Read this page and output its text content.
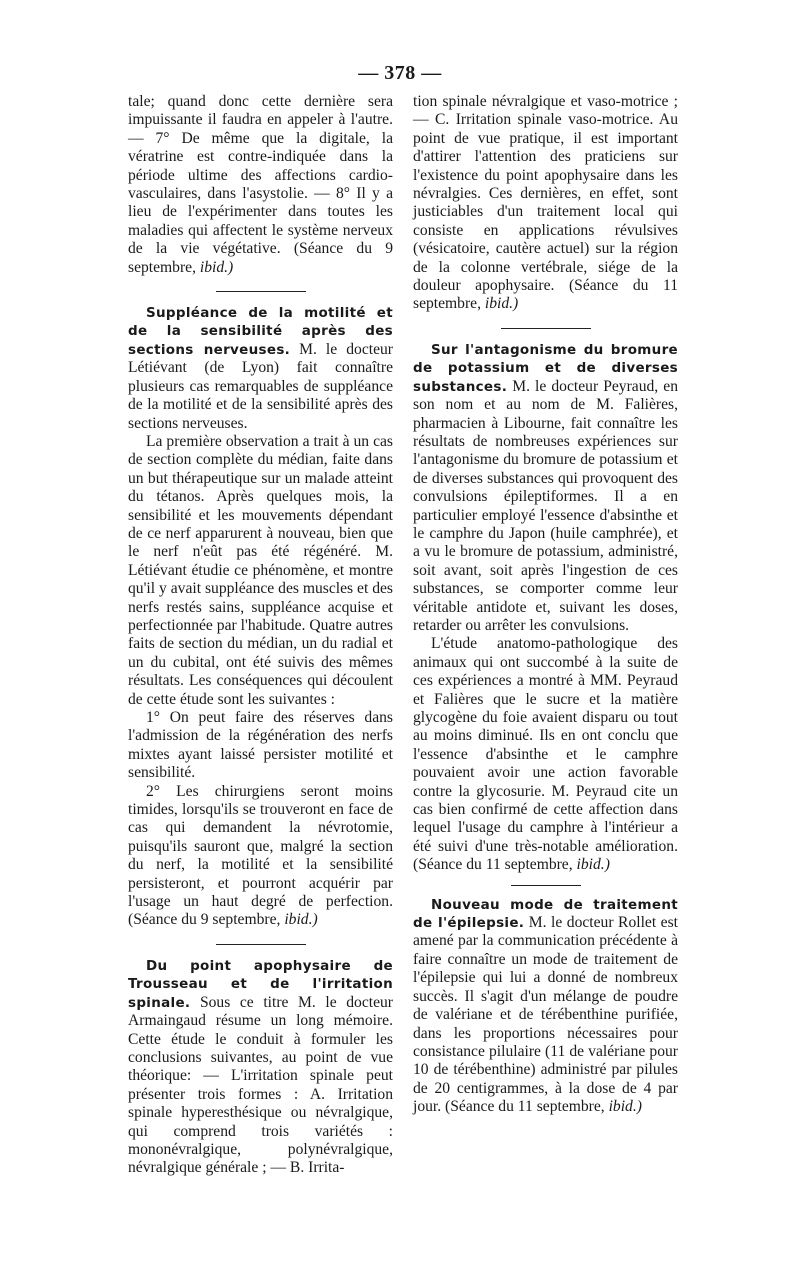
— 378 —

tale; quand donc cette dernière sera impuissante il faudra en appeler à l'autre. — 7° De même que la digitale, la vératrine est contre-indiquée dans la période ultime des affections cardio-vasculaires, dans l'asystolie. — 8° Il y a lieu de l'expérimenter dans toutes les maladies qui affectent le système nerveux de la vie végétative. (Séance du 9 septembre, ibid.)

Suppléance de la motilité et de la sensibilité après des sections nerveuses. M. le docteur Létiévant (de Lyon) fait connaître plusieurs cas remarquables de suppléance de la motilité et de la sensibilité après des sections nerveuses.

La première observation a trait à un cas de section complète du médian, faite dans un but thérapeutique sur un malade atteint du tétanos. Après quelques mois, la sensibilité et les mouvements dépendant de ce nerf apparurent à nouveau, bien que le nerf n'eût pas été régénéré. M. Létiévant étudie ce phénomène, et montre qu'il y avait suppléance des muscles et des nerfs restés sains, suppléance acquise et perfectionnée par l'habitude. Quatre autres faits de section du médian, un du radial et un du cubital, ont été suivis des mêmes résultats. Les conséquences qui découlent de cette étude sont les suivantes :

1° On peut faire des réserves dans l'admission de la régénération des nerfs mixtes ayant laissé persister motilité et sensibilité.

2° Les chirurgiens seront moins timides, lorsqu'ils se trouveront en face de cas qui demandent la névrotomie, puisqu'ils sauront que, malgré la section du nerf, la motilité et la sensibilité persisteront, et pourront acquérir par l'usage un haut degré de perfection. (Séance du 9 septembre, ibid.)

Du point apophysaire de Trousseau et de l'irritation spinale. Sous ce titre M. le docteur Armaingaud résume un long mémoire. Cette étude le conduit à formuler les conclusions suivantes, au point de vue théorique: — L'irritation spinale peut présenter trois formes : A. Irritation spinale hyperesthésique ou névralgique, qui comprend trois variétés : mononévralgique, polynévralgique, névralgique générale ; — B. Irrita-

tion spinale névralgique et vaso-motrice ; — C. Irritation spinale vaso-motrice. Au point de vue pratique, il est important d'attirer l'attention des praticiens sur l'existence du point apophysaire dans les névralgies. Ces dernières, en effet, sont justiciables d'un traitement local qui consiste en applications révulsives (vésicatoire, cautère actuel) sur la région de la colonne vertébrale, siége de la douleur apophysaire. (Séance du 11 septembre, ibid.)

Sur l'antagonisme du bromure de potassium et de diverses substances. M. le docteur Peyraud, en son nom et au nom de M. Falières, pharmacien à Libourne, fait connaître les résultats de nombreuses expériences sur l'antagonisme du bromure de potassium et de diverses substances qui provoquent des convulsions épileptiformes. Il a en particulier employé l'essence d'absinthe et le camphre du Japon (huile camphrée), et a vu le bromure de potassium, administré, soit avant, soit après l'ingestion de ces substances, se comporter comme leur véritable antidote et, suivant les doses, retarder ou arrêter les convulsions.

L'étude anatomo-pathologique des animaux qui ont succombé à la suite de ces expériences a montré à MM. Peyraud et Falières que le sucre et la matière glycogène du foie avaient disparu ou tout au moins diminué. Ils en ont conclu que l'essence d'absinthe et le camphre pouvaient avoir une action favorable contre la glycosurie. M. Peyraud cite un cas bien confirmé de cette affection dans lequel l'usage du camphre à l'intérieur a été suivi d'une très-notable amélioration. (Séance du 11 septembre, ibid.)

Nouveau mode de traitement de l'épilepsie. M. le docteur Rollet est amené par la communication précédente à faire connaître un mode de traitement de l'épilepsie qui lui a donné de nombreux succès. Il s'agit d'un mélange de poudre de valériane et de térébenthine purifiée, dans les proportions nécessaires pour consistance pilulaire (11 de valériane pour 10 de térébenthine) administré par pilules de 20 centigrammes, à la dose de 4 par jour. (Séance du 11 septembre, ibid.)
